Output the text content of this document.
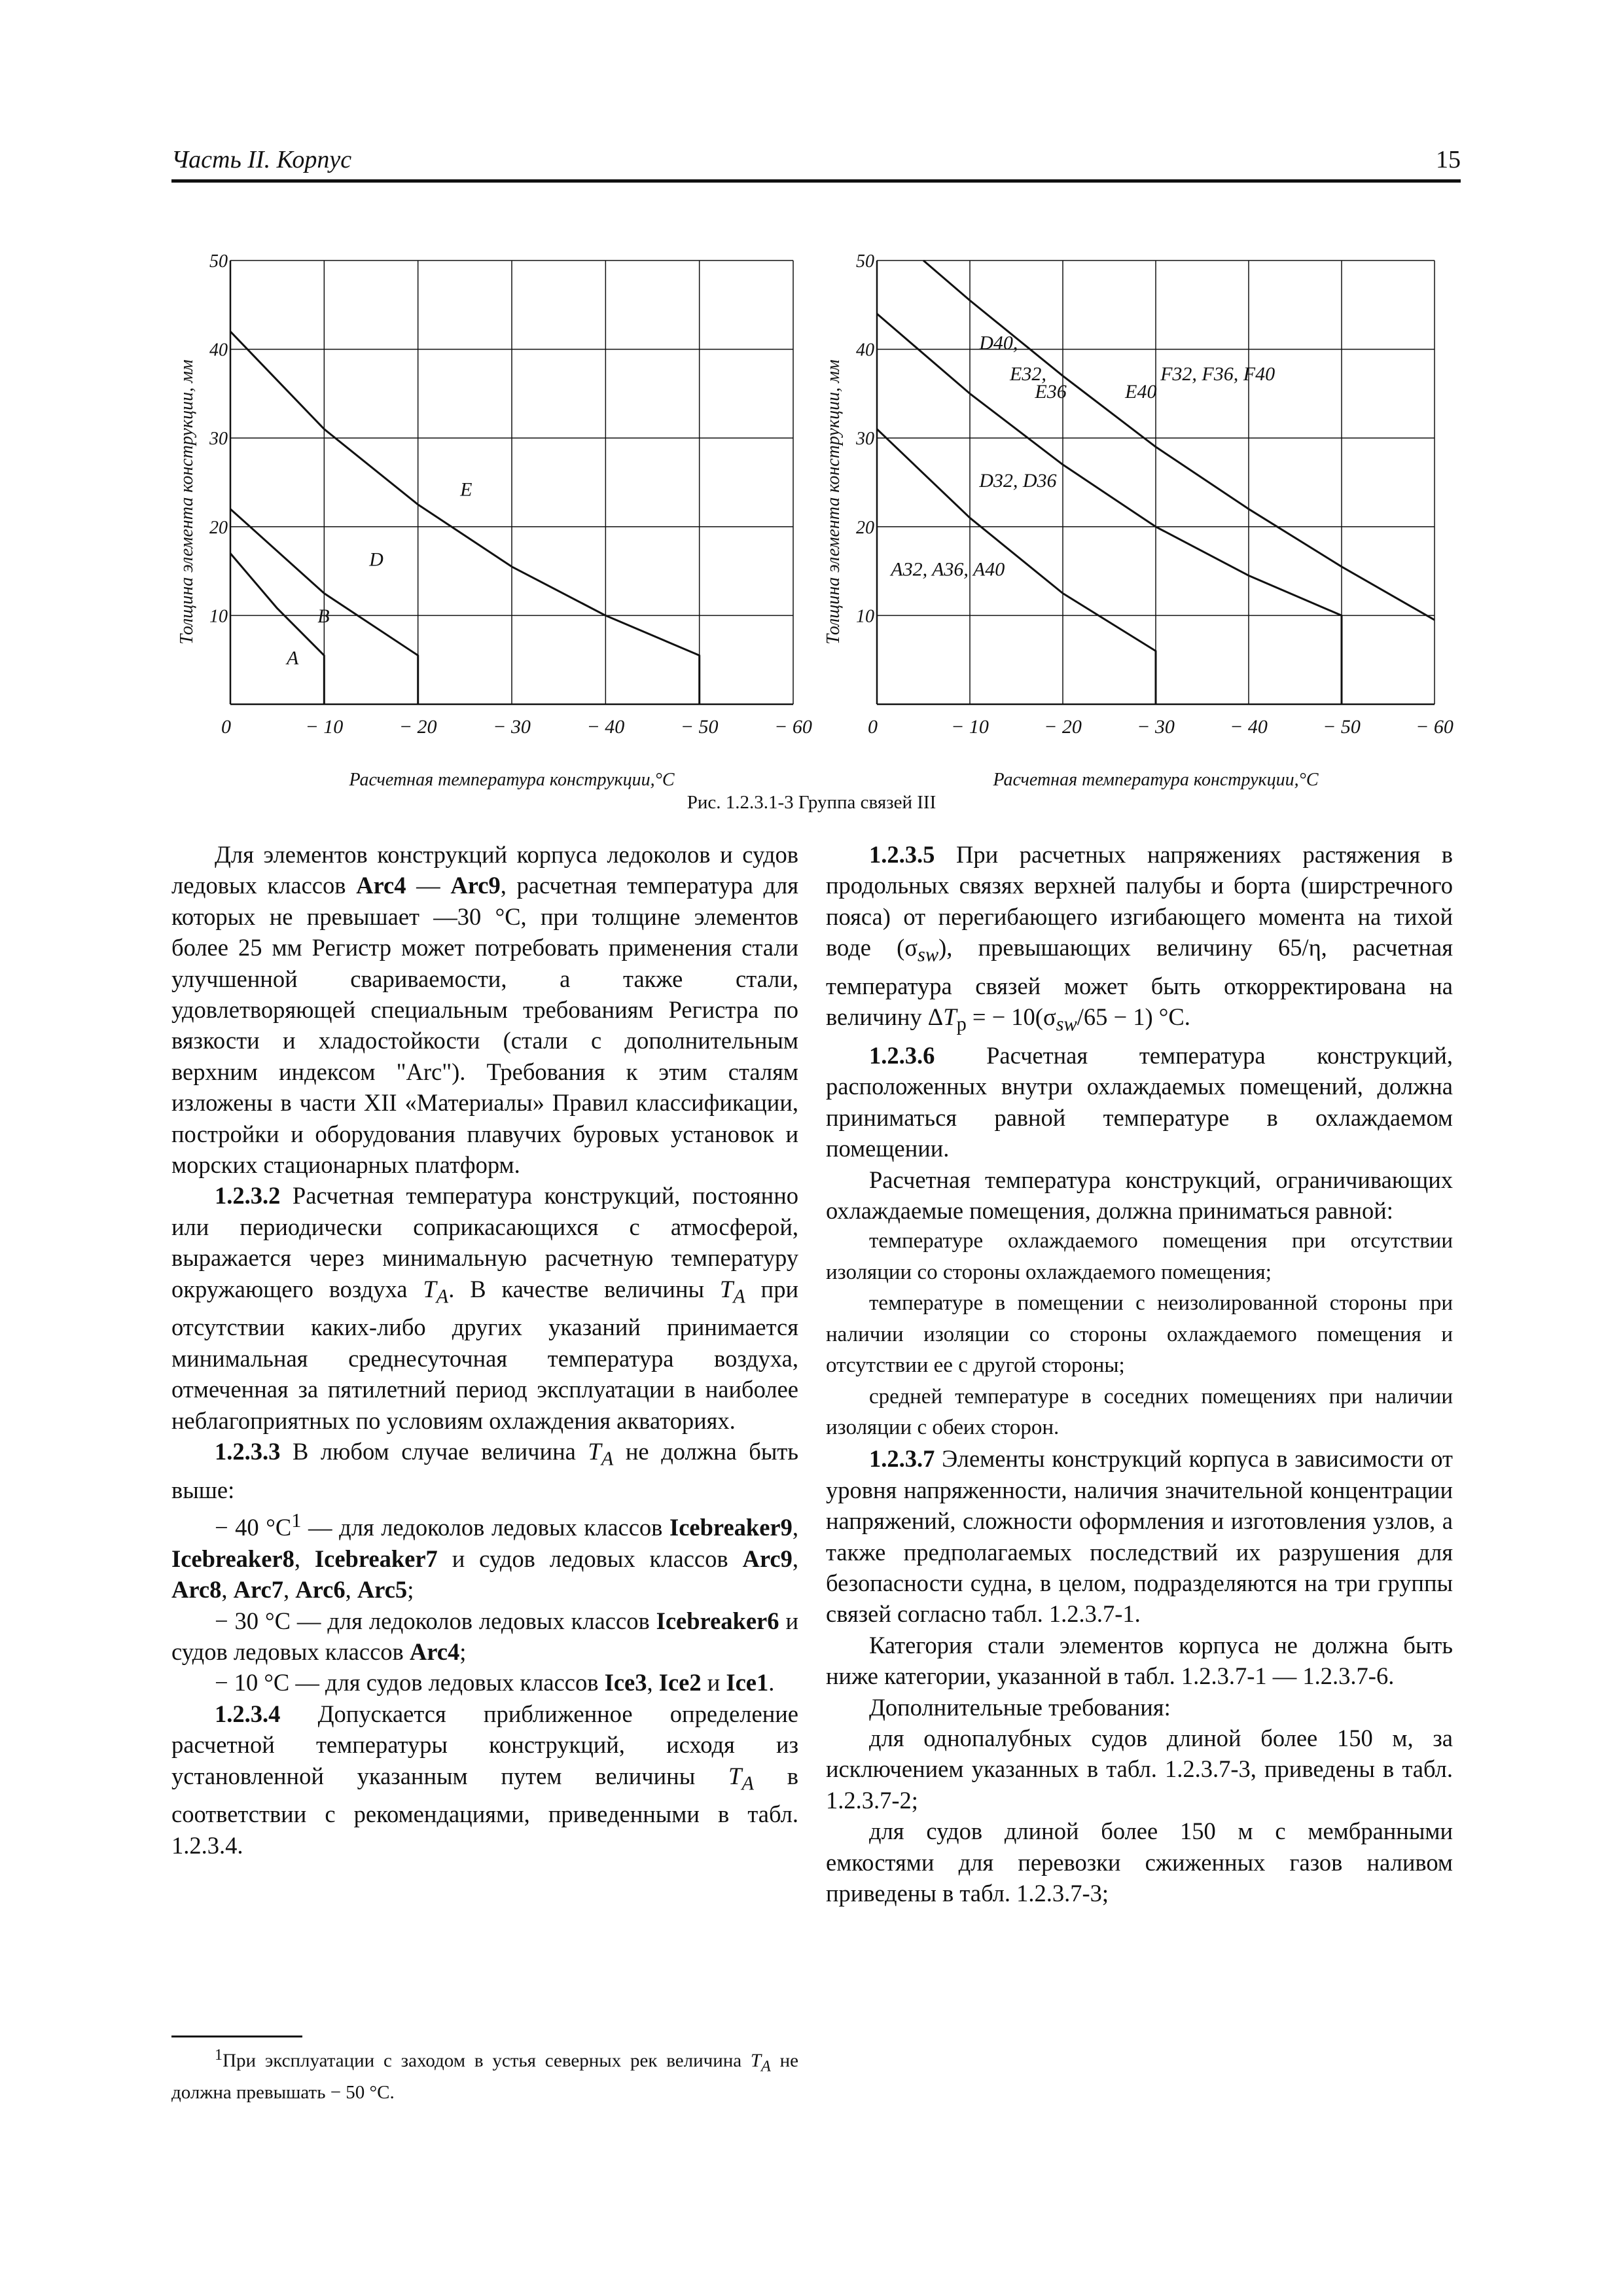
Часть II. Корпус	15
0	− 10	− 20	− 30	− 40	− 50	− 60
10
20
30
40
50
A
B
D
E
Толщина элемента конструкции, мм
Расчетная температура конструкции,°С
0	− 10	− 20	− 30	− 40	− 50	− 60
10
20
30
40
50
D40,
E32,
E36	E40
F32, F36, F40
D32, D36
A32, A36, A40
Толщина элемента конструкции, мм
Расчетная температура конструкции,°С
Рис. 1.2.3.1-3 Группа связей III

Для элементов конструкций корпуса ледоколов и судов ледовых классов Arc4 — Arc9, расчетная температура для которых не превышает —30 °С, при толщине элементов более 25 мм Регистр может потребовать применения стали улучшенной свариваемости, а также стали, удовлетворяющей специальным требованиям Регистра по вязкости и хладостойкости (стали с дополнительным верхним индексом "Arc"). Требования к этим сталям изложены в части XII «Материалы» Правил классификации, постройки и оборудования плавучих буровых установок и морских стационарных платформ.

1.2.3.2 Расчетная температура конструкций, постоянно или периодически соприкасающихся с атмосферой, выражается через минимальную расчетную температуру окружающего воздуха $T_A$. В качестве величины $T_A$ при отсутствии каких-либо других указаний принимается минимальная среднесуточная температура воздуха, отмеченная за пятилетний период эксплуатации в наиболее неблагоприятных по условиям охлаждения акваториях.

1.2.3.3 В любом случае величина $T_A$ не должна быть выше:

− 40 $^\circ С^1$ — для ледоколов ледовых классов Icebreaker9, Icebreaker8, Icebreaker7 и судов ледовых классов Arc9, Arc8, Arc7, Arc6, Arc5;

− 30 °С — для ледоколов ледовых классов Icebreaker6 и судов ледовых классов Arc4;

− 10 °С — для судов ледовых классов Ice3, Ice2 и Ice1.

1.2.3.4 Допускается приближенное определение расчетной температуры конструкций, исходя из установленной указанным путем величины $T_A$ в соответствии с рекомендациями, приведенными в табл. 1.2.3.4.

$^1$При эксплуатации с заходом в устья северных рек величина $T_A$ не должна превышать − 50 °С.

1.2.3.5 При расчетных напряжениях растяжения в продольных связях верхней палубы и борта (ширстречного пояса) от перегибающего изгибающего момента на тихой воде $(\sigma_{sw})$, превышающих величину 65/η, расчетная температура связей может быть откорректирована на величину $\Delta T_р$ = − $10(\sigma_{sw}/65 - 1)$ °С.

1.2.3.6 Расчетная температура конструкций, расположенных внутри охлаждаемых помещений, должна приниматься равной температуре в охлаждаемом помещении.

Расчетная температура конструкций, ограничивающих охлаждаемые помещения, должна приниматься равной:

температуре охлаждаемого помещения при отсутствии изоляции со стороны охлаждаемого помещения;

температуре в помещении с неизолированной стороны при наличии изоляции со стороны охлаждаемого помещения и отсутствии ее с другой стороны;

средней температуре в соседних помещениях при наличии изоляции с обеих сторон.

1.2.3.7 Элементы конструкций корпуса в зависимости от уровня напряженности, наличия значительной концентрации напряжений, сложности оформления и изготовления узлов, а также предполагаемых последствий их разрушения для безопасности судна, в целом, подразделяются на три группы связей согласно табл. 1.2.3.7-1.

Категория стали элементов корпуса не должна быть ниже категории, указанной в табл. 1.2.3.7-1 — 1.2.3.7-6.

Дополнительные требования:

для однопалубных судов длиной более 150 м, за исключением указанных в табл. 1.2.3.7-3, приведены в табл. 1.2.3.7-2;

для судов длиной более 150 м с мембранными емкостями для перевозки сжиженных газов наливом приведены в табл. 1.2.3.7-3;
